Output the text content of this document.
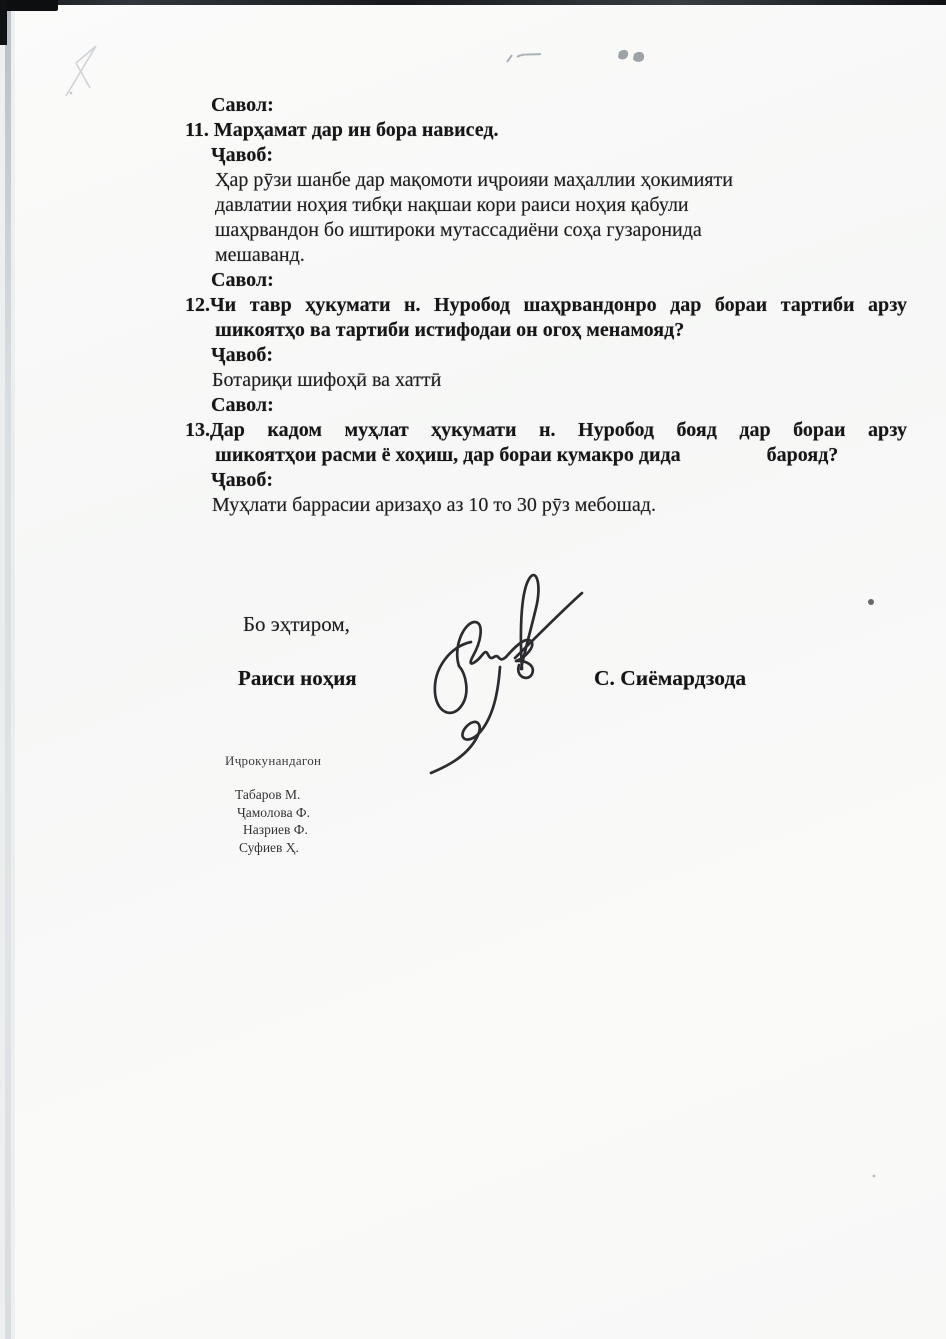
Савол:
11. Марҳамат дар ин бора нависед.
Ҷавоб:
Ҳар рӯзи шанбе дар мақомоти иҷроияи маҳаллии ҳокимияти
давлатии ноҳия тибқи нақшаи кори раиси ноҳия қабули
шаҳрвандон бо иштироки мутассадиёни соҳа гузаронида
мешаванд.
Савол:
12.Чи тавр ҳукумати н. Нуробод шаҳрвандонро дар бораи тартиби арзу
шикоятҳо ва тартиби истифодаи он огоҳ менамояд?
Ҷавоб:
Ботариқи шифоҳӣ ва хаттӣ
Савол:
13.Дар кадом муҳлат ҳукумати н. Нуробод бояд дар бораи арзу
шикоятҳои расми ё хоҳиш, дар бораи кумакро дида	барояд?
Ҷавоб:
Муҳлати баррасии аризаҳо аз 10 то 30 рӯз мебошад.
Бо эҳтиром,
Раиси ноҳия	С. Сиёмардзода
Иҷрокунандагон
Табаров М.
Ҷамолова Ф.
Назриев Ф.
Суфиев Ҳ.
